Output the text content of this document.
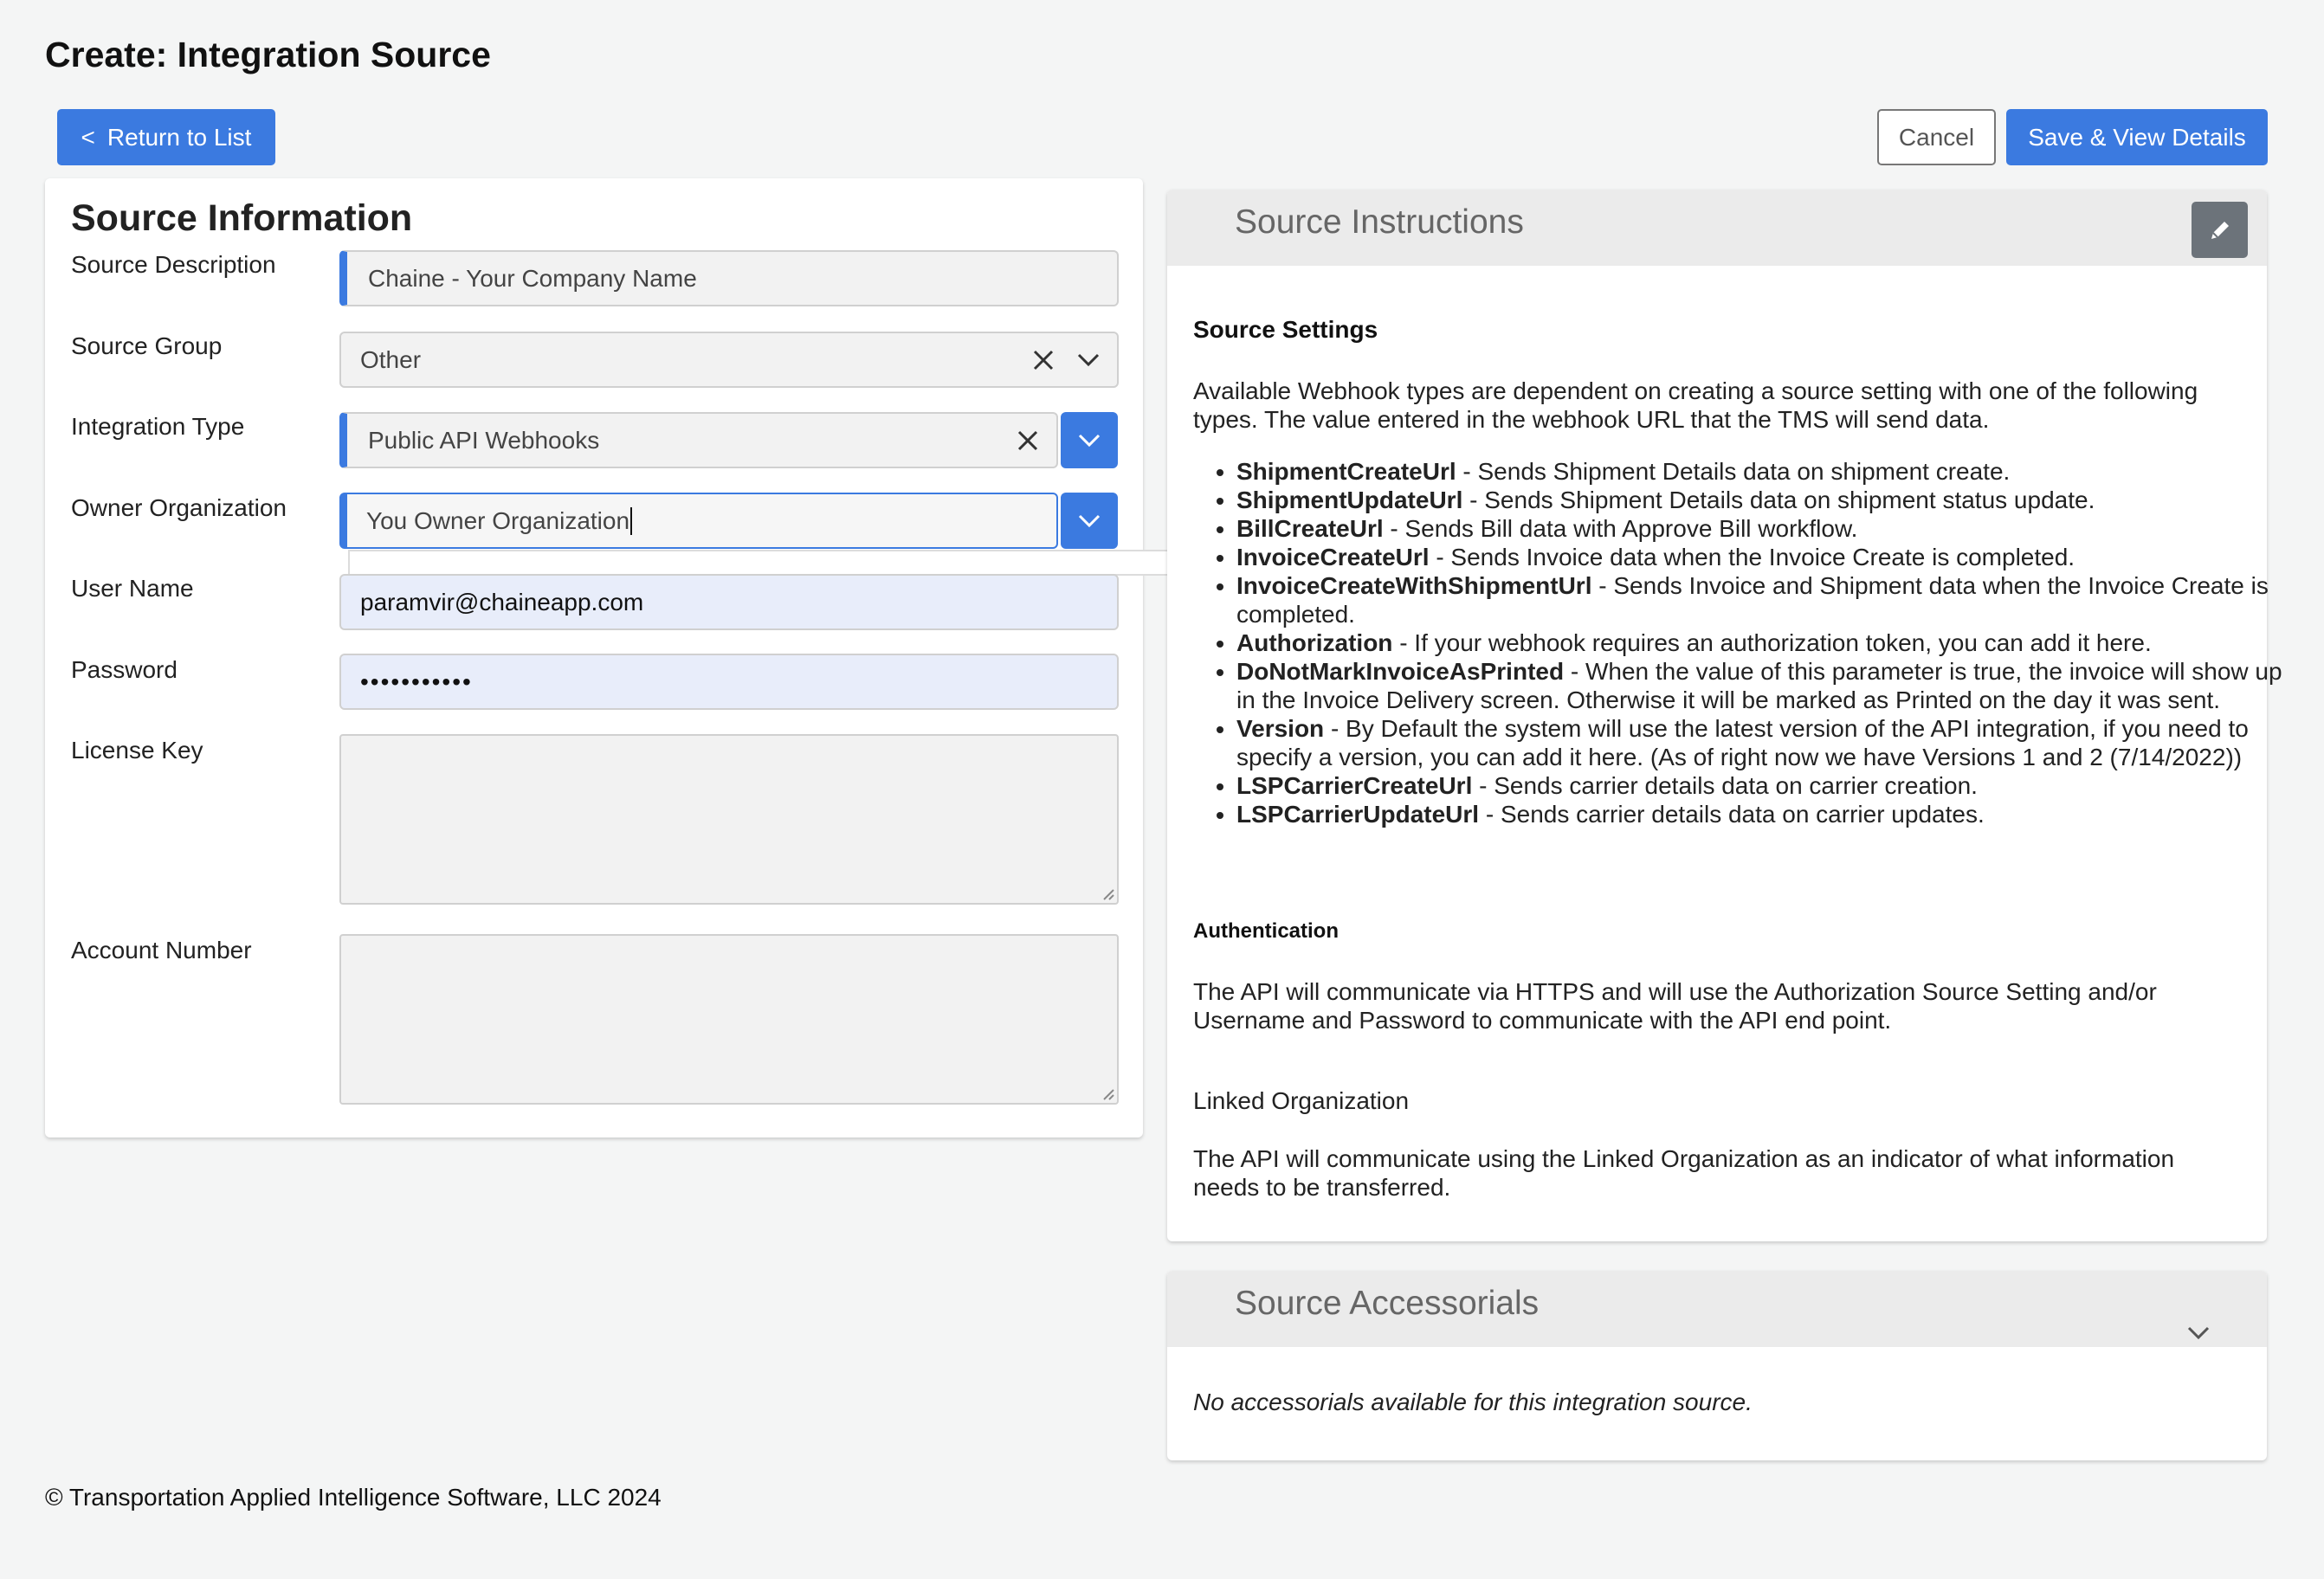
Create: Integration Source
< Return to List	Cancel	Save & View Details
Source Information
Source Description	Chaine - Your Company Name
Source Group	Other
Integration Type	Public API Webhooks
Owner Organization	You Owner Organization
User Name	paramvir@chaineapp.com
Password	•••••••••••
License Key
Account Number
Source Instructions
Source Settings
Available Webhook types are dependent on creating a source setting with one of the following types. The value entered in the webhook URL that the TMS will send data.
• ShipmentCreateUrl - Sends Shipment Details data on shipment create.
• ShipmentUpdateUrl - Sends Shipment Details data on shipment status update.
• BillCreateUrl - Sends Bill data with Approve Bill workflow.
• InvoiceCreateUrl - Sends Invoice data when the Invoice Create is completed.
• InvoiceCreateWithShipmentUrl - Sends Invoice and Shipment data when the Invoice Create is completed.
• Authorization - If your webhook requires an authorization token, you can add it here.
• DoNotMarkInvoiceAsPrinted - When the value of this parameter is true, the invoice will show up in the Invoice Delivery screen. Otherwise it will be marked as Printed on the day it was sent.
• Version - By Default the system will use the latest version of the API integration, if you need to specify a version, you can add it here. (As of right now we have Versions 1 and 2 (7/14/2022))
• LSPCarrierCreateUrl - Sends carrier details data on carrier creation.
• LSPCarrierUpdateUrl - Sends carrier details data on carrier updates.
Authentication
The API will communicate via HTTPS and will use the Authorization Source Setting and/or Username and Password to communicate with the API end point.
Linked Organization
The API will communicate using the Linked Organization as an indicator of what information needs to be transferred.
Source Accessorials
No accessorials available for this integration source.
© Transportation Applied Intelligence Software, LLC 2024
